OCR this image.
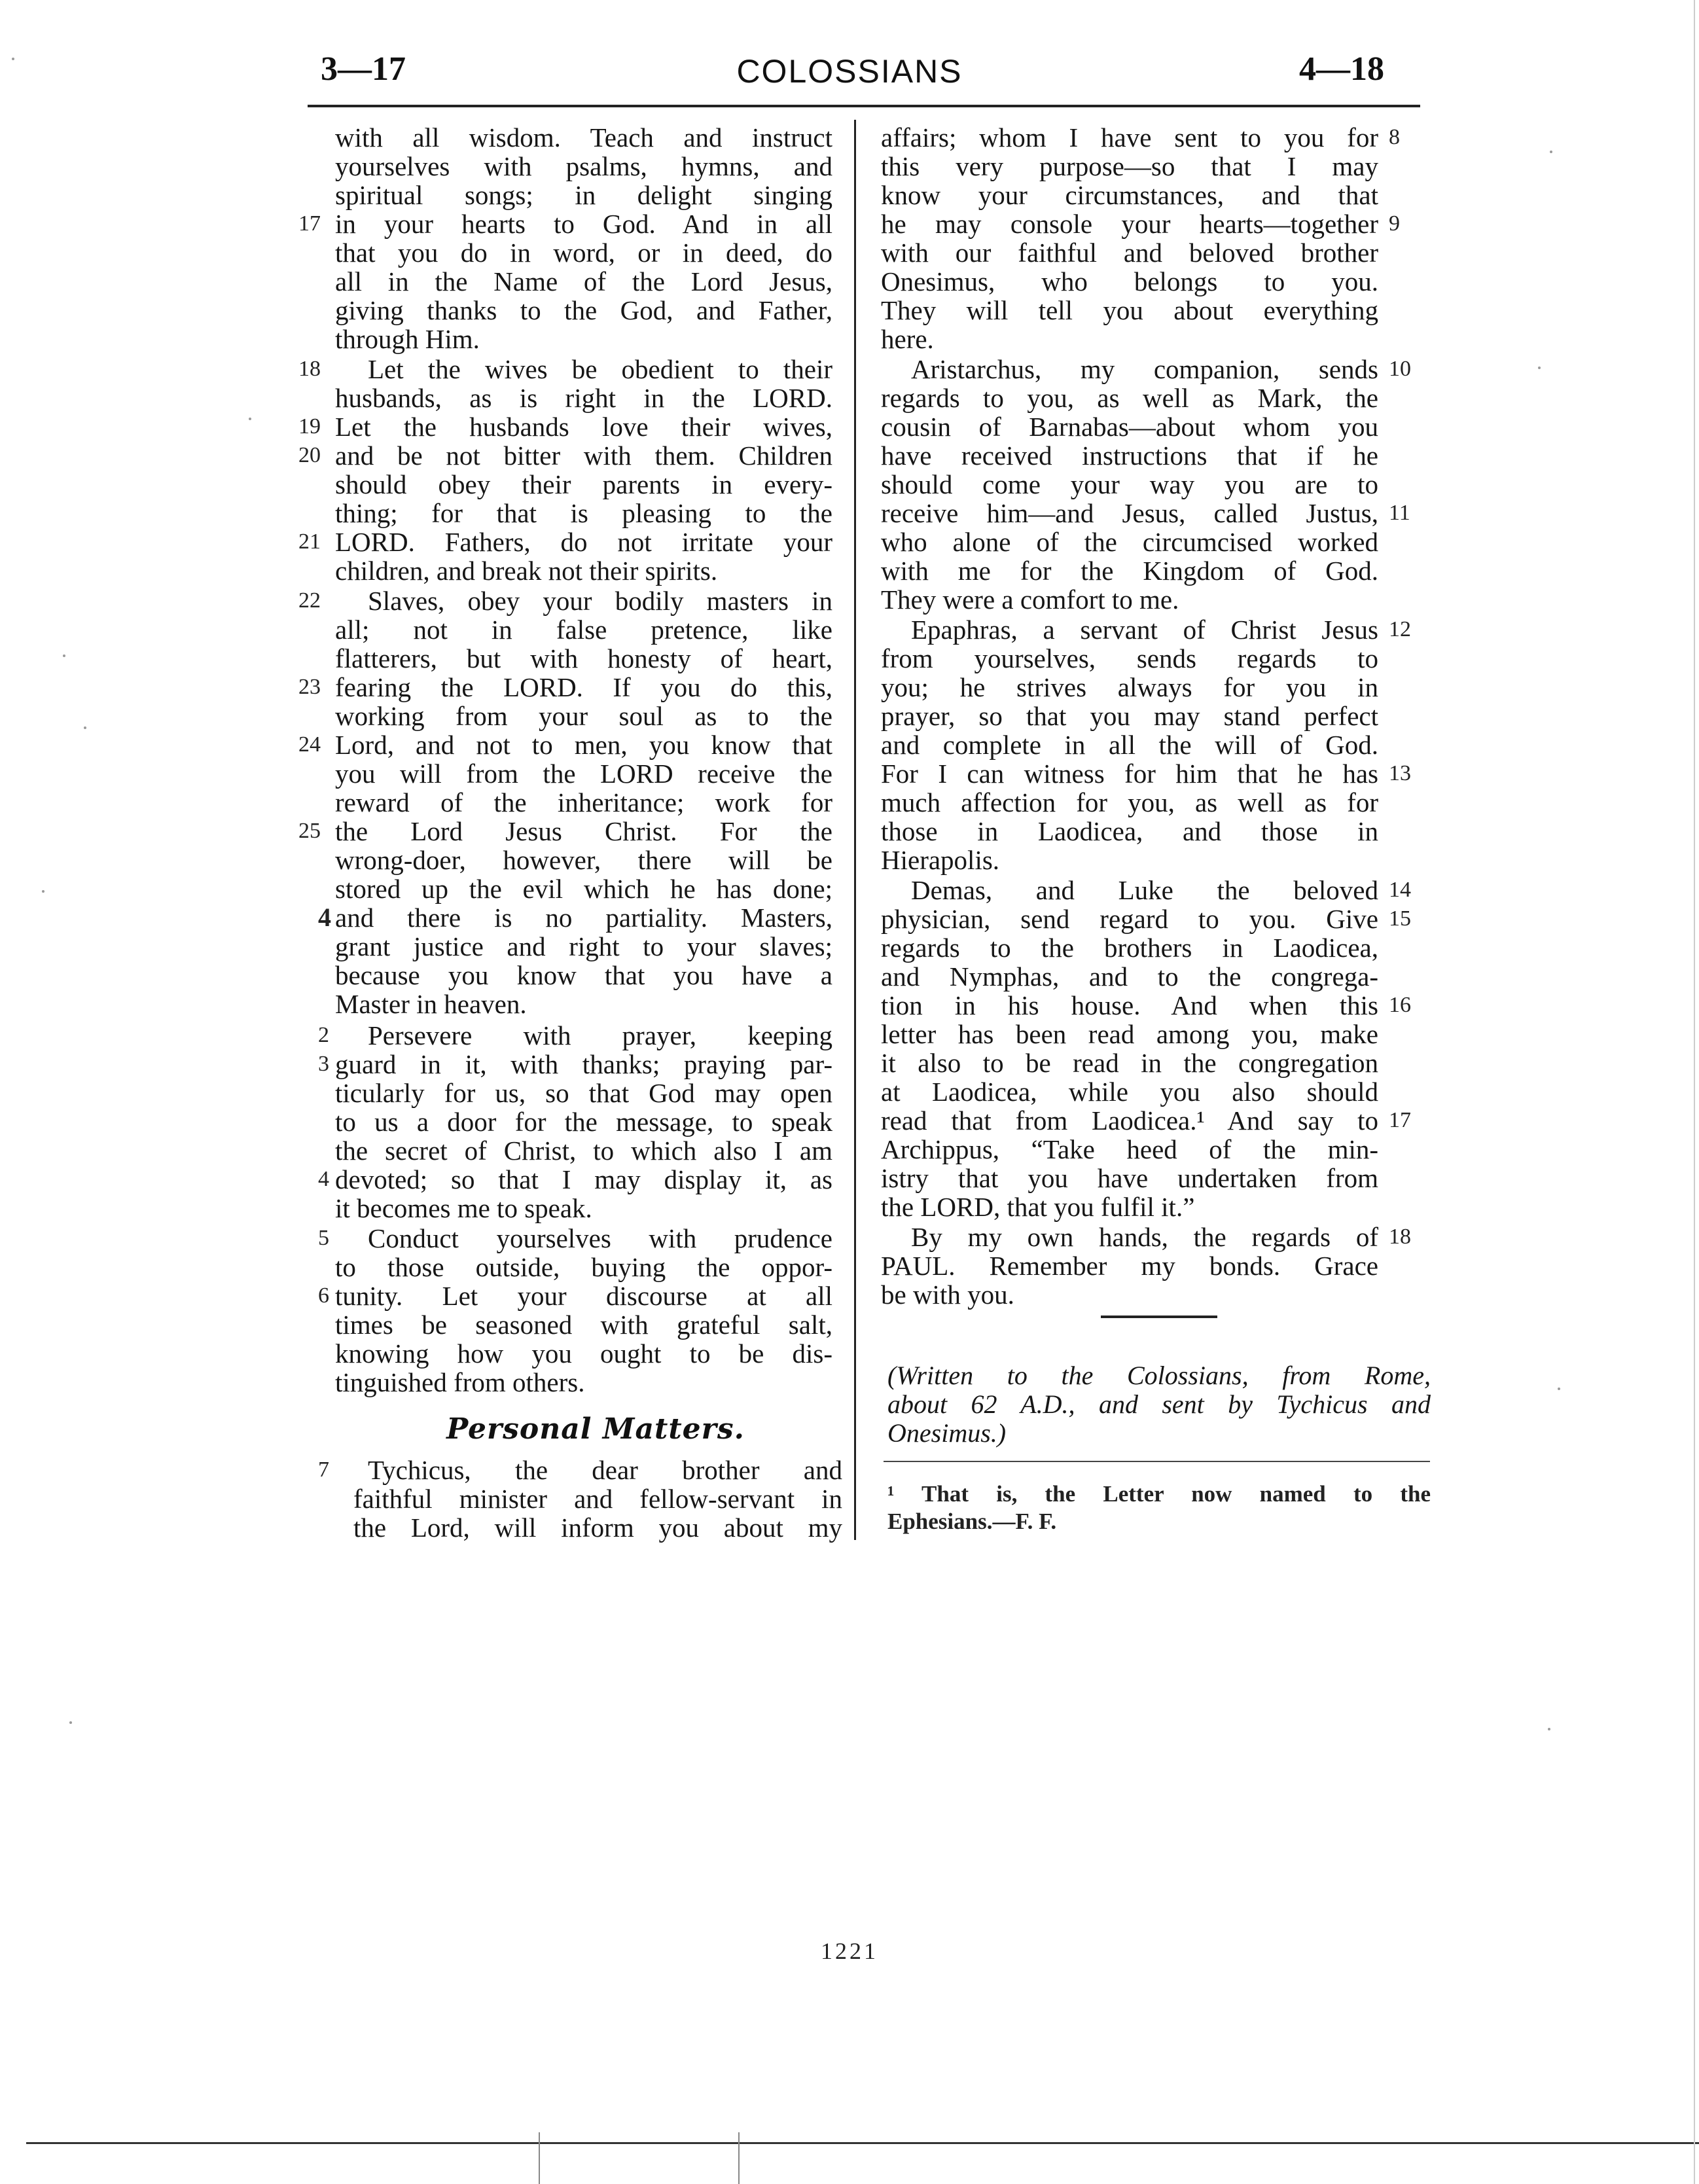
3—17	COLOSSIANS	4—18
with all wisdom. Teach and instruct
yourselves with psalms, hymns, and
spiritual songs; in delight singing
in your hearts to God. And in all
that you do in word, or in deed, do
all in the Name of the Lord Jesus,
giving thanks to the God, and Father,
through Him.
Let the wives be obedient to their
husbands, as is right in the LORD.
Let the husbands love their wives,
and be not bitter with them. Children
should obey their parents in every-
thing; for that is pleasing to the
LORD. Fathers, do not irritate your
children, and break not their spirits.
Slaves, obey your bodily masters in
all; not in false pretence, like
flatterers, but with honesty of heart,
fearing the LORD. If you do this,
working from your soul as to the
Lord, and not to men, you know that
you will from the LORD receive the
reward of the inheritance; work for
the Lord Jesus Christ. For the
wrong-doer, however, there will be
stored up the evil which he has done;
and there is no partiality. Masters,
grant justice and right to your slaves;
because you know that you have a
Master in heaven.
Persevere with prayer, keeping
guard in it, with thanks; praying par-
ticularly for us, so that God may open
to us a door for the message, to speak
the secret of Christ, to which also I am
devoted; so that I may display it, as
it becomes me to speak.
Conduct yourselves with prudence
to those outside, buying the oppor-
tunity. Let your discourse at all
times be seasoned with grateful salt,
knowing how you ought to be dis-
tinguished from others.
Personal Matters.
Tychicus, the dear brother and
faithful minister and fellow-servant in
the Lord, will inform you about my
17
18
19
20
21
22
23
24
25
4
2
3
4
5
6
7
affairs; whom I have sent to you for
this very purpose—so that I may
know your circumstances, and that
he may console your hearts—together
with our faithful and beloved brother
Onesimus, who belongs to you.
They will tell you about everything
here.
Aristarchus, my companion, sends
regards to you, as well as Mark, the
cousin of Barnabas—about whom you
have received instructions that if he
should come your way you are to
receive him—and Jesus, called Justus,
who alone of the circumcised worked
with me for the Kingdom of God.
They were a comfort to me.
Epaphras, a servant of Christ Jesus
from yourselves, sends regards to
you; he strives always for you in
prayer, so that you may stand perfect
and complete in all the will of God.
For I can witness for him that he has
much affection for you, as well as for
those in Laodicea, and those in
Hierapolis.
Demas, and Luke the beloved
physician, send regard to you. Give
regards to the brothers in Laodicea,
and Nymphas, and to the congrega-
tion in his house. And when this
letter has been read among you, make
it also to be read in the congregation
at Laodicea, while you also should
read that from Laodicea.¹ And say to
Archippus, “Take heed of the min-
istry that you have undertaken from
the LORD, that you fulfil it.”
By my own hands, the regards of
PAUL. Remember my bonds. Grace
be with you.
8
9
10
11
12
13
14
15
16
17
18
(Written to the Colossians, from Rome,
about 62 A.D., and sent by Tychicus and
Onesimus.)
¹ That is, the Letter now named to the
Ephesians.—F. F.
1221
